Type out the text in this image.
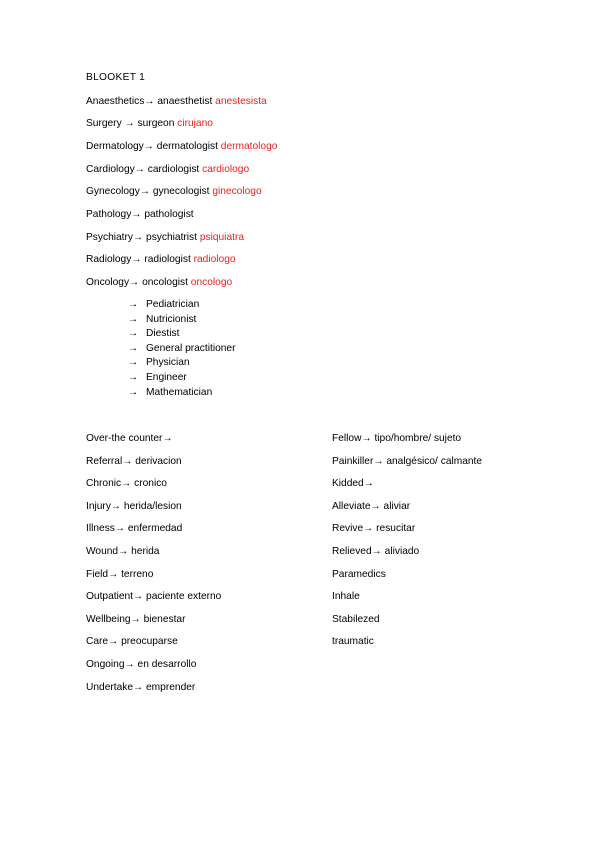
BLOOKET 1
Anaesthetics→ anaesthetist anestesista
Surgery → surgeon cirujano
Dermatology→ dermatologist dermatologo
Cardiology→ cardiologist cardiologo
Gynecology→ gynecologist ginecologo
Pathology→ pathologist
Psychiatry→ psychiatrist psiquiatra
Radiology→ radiologist radiologo
Oncology→ oncologist oncologo
→ Pediatrician
→ Nutricionist
→ Diestist
→ General practitioner
→ Physician
→ Engineer
→ Mathematician
Over-the counter→
Referral→ derivacion
Chronic→ cronico
Injury→ herida/lesion
Illness→ enfermedad
Wound→ herida
Field→ terreno
Outpatient→ paciente externo
Wellbeing→ bienestar
Care→ preocuparse
Ongoing→ en desarrollo
Undertake→ emprender
Fellow→ tipo/hombre/ sujeto
Painkiller→ analgésico/ calmante
Kidded→
Alleviate→ aliviar
Revive→ resucitar
Relieved→ aliviado
Paramedics
Inhale
Stabilezed
traumatic
